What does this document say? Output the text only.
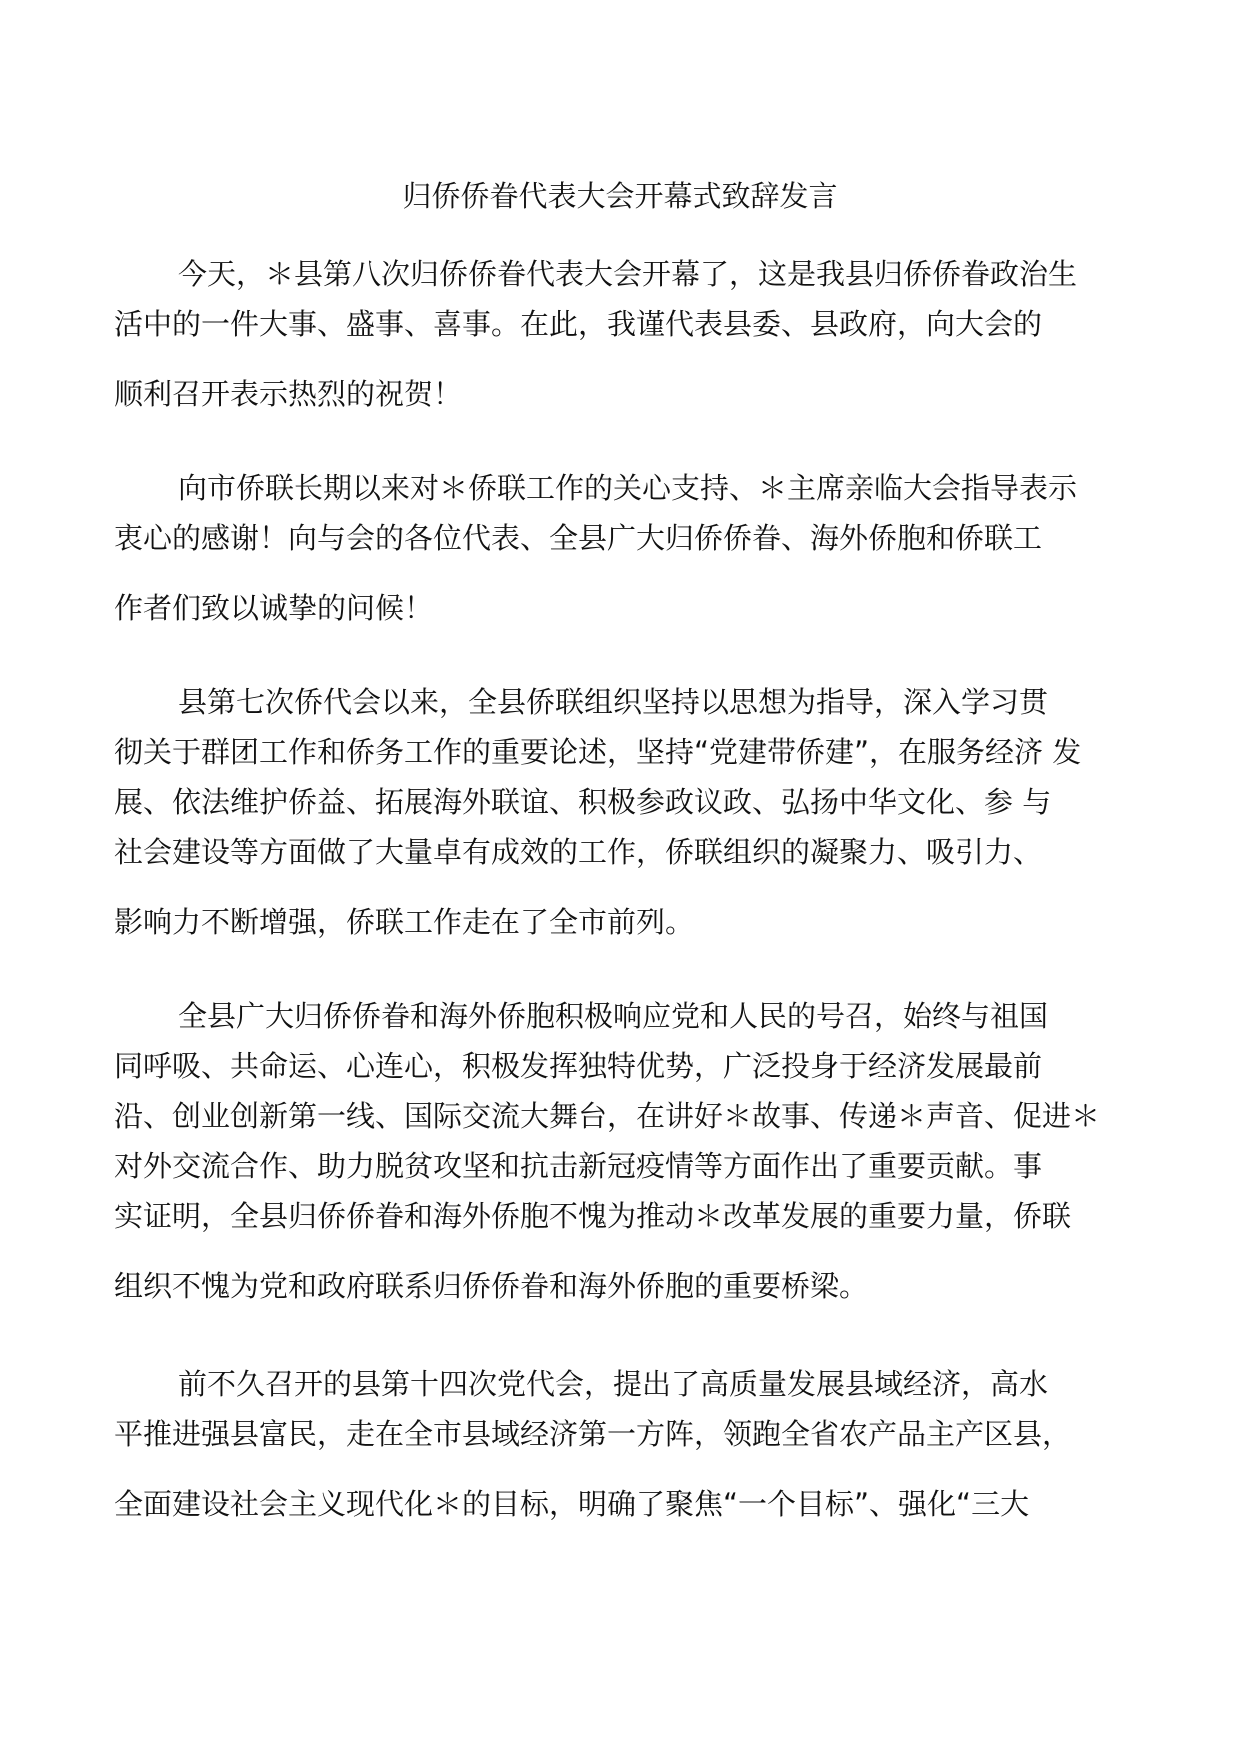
归侨侨眷代表大会开幕式致辞发言
今天，＊县第八次归侨侨眷代表大会开幕了，这是我县归侨侨眷政治生
活中的一件大事、盛事、喜事。在此，我谨代表县委、县政府，向大会的
顺利召开表示热烈的祝贺！
向市侨联长期以来对＊侨联工作的关心支持、＊主席亲临大会指导表示
衷心的感谢！向与会的各位代表、全县广大归侨侨眷、海外侨胞和侨联工
作者们致以诚挚的问候！
县第七次侨代会以来，全县侨联组织坚持以思想为指导，深入学习贯
彻关于群团工作和侨务工作的重要论述，坚持“党建带侨建”，在服务经济 发
展、依法维护侨益、拓展海外联谊、积极参政议政、弘扬中华文化、参 与
社会建设等方面做了大量卓有成效的工作，侨联组织的凝聚力、吸引力、
影响力不断增强，侨联工作走在了全市前列。
全县广大归侨侨眷和海外侨胞积极响应党和人民的号召，始终与祖国
同呼吸、共命运、心连心，积极发挥独特优势，广泛投身于经济发展最前
沿、创业创新第一线、国际交流大舞台，在讲好＊故事、传递＊声音、促进＊
对外交流合作、助力脱贫攻坚和抗击新冠疫情等方面作出了重要贡献。事
实证明，全县归侨侨眷和海外侨胞不愧为推动＊改革发展的重要力量，侨联
组织不愧为党和政府联系归侨侨眷和海外侨胞的重要桥梁。
前不久召开的县第十四次党代会，提出了高质量发展县域经济，高水
平推进强县富民，走在全市县域经济第一方阵，领跑全省农产品主产区县，
全面建设社会主义现代化＊的目标，明确了聚焦“一个目标”、强化“三大
